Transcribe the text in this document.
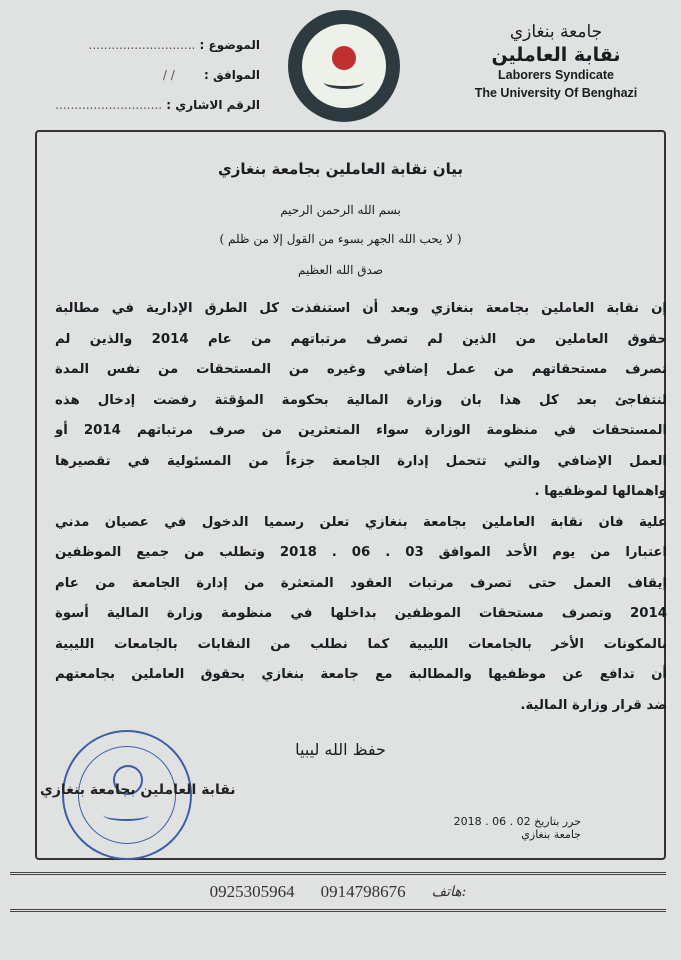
جامعة بنغازي
نقابة العاملين
Laborers Syndicate
The University Of Benghazi
الموضوع : ............................
الموافق :       / /
الرقم الاشاري : ............................
بيان نقابة العاملين بجامعة بنغازي
بسم الله الرحمن الرحيم
( لا يحب الله الجهر بسوء من القول إلا من ظلم )
صدق الله العظيم
إن نقابة العاملين بجامعة بنغازي وبعد أن استنفذت كل الطرق الإدارية في مطالبة
حقوق العاملين من الذين لم تصرف مرتباتهم من عام 2014 والذين لم
تصرف مستحقاتهم من عمل إضافي وغيره من المستحقات من نفس المدة
لنتفاجئ بعد كل هذا بان وزارة المالية بحكومة المؤقتة رفضت إدخال هذه
المستحقات في منظومة الوزارة سواء المتعثرين من صرف مرتباتهم 2014 أو
العمل الإضافي والتي تتحمل إدارة الجامعة جزءاً من المسئولية في تقصيرها
واهمالها لموظفيها .
علية فان نقابة العاملين بجامعة بنغازي تعلن رسميا الدخول في عصيان مدني
اعتبارا من يوم الأحد الموافق 03 . 06 . 2018 وتطلب من جميع الموظفين
إيقاف العمل حتى تصرف مرتبات العقود المتعثرة من إدارة الجامعة من عام
2014 وتصرف مستحقات الموظفين بداخلها في منظومة وزارة المالية أسوة
بالمكونات الأخر بالجامعات الليبية كما نطلب من النقابات بالجامعات الليبية
أن تدافع عن موظفيها والمطالبة مع جامعة بنغازي بحقوق العاملين بجامعتهم
ضد قرار وزارة المالية.
حفظ الله ليبيا
نقابة العاملين بجامعة بنغازي
حرر بتاريخ 02 . 06 . 2018
جامعة بنغازي
0925305964 0914798676 هاتف:
